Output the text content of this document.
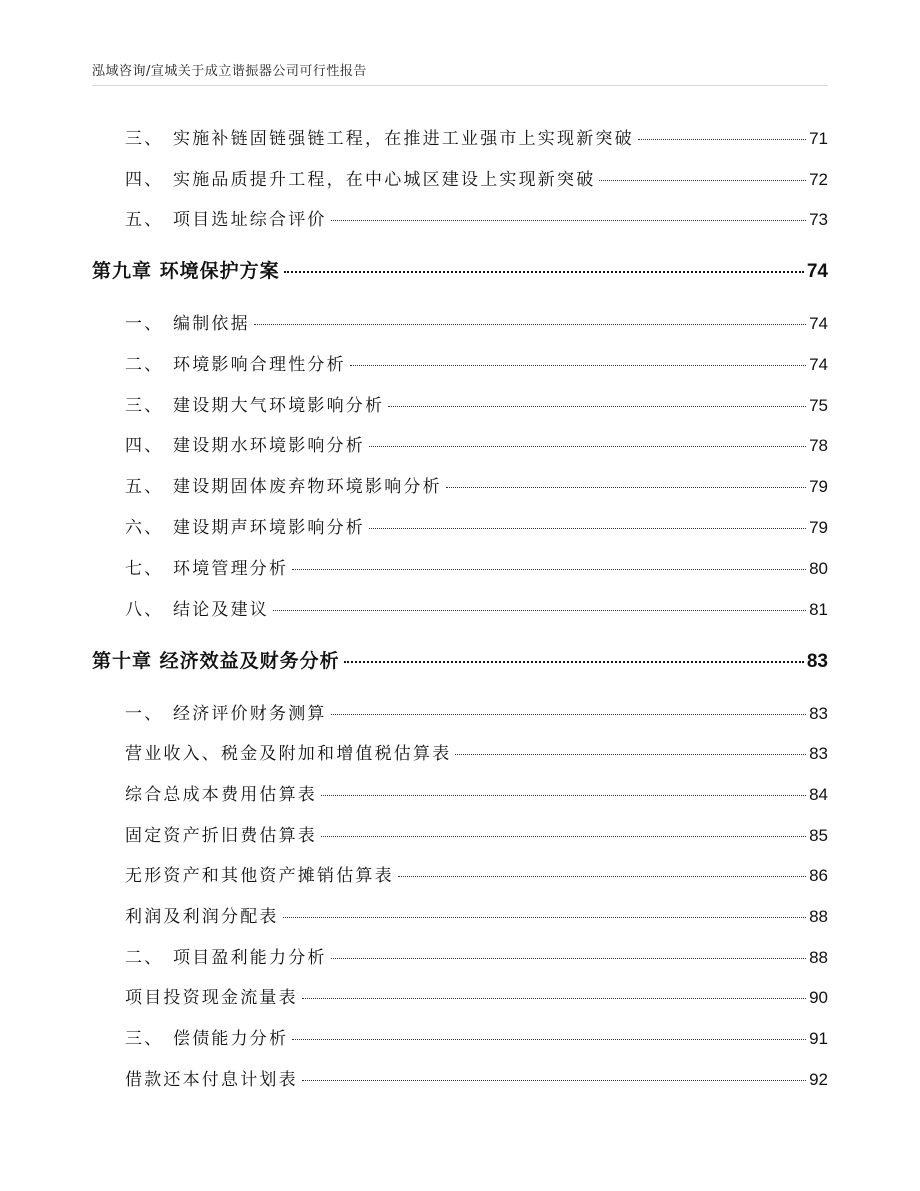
泓域咨询/宣城关于成立谐振器公司可行性报告
三、 实施补链固链强链工程，在推进工业强市上实现新突破	71
四、 实施品质提升工程，在中心城区建设上实现新突破	72
五、 项目选址综合评价	73
第九章 环境保护方案	74
一、 编制依据	74
二、 环境影响合理性分析	74
三、 建设期大气环境影响分析	75
四、 建设期水环境影响分析	78
五、 建设期固体废弃物环境影响分析	79
六、 建设期声环境影响分析	79
七、 环境管理分析	80
八、 结论及建议	81
第十章 经济效益及财务分析	83
一、 经济评价财务测算	83
营业收入、税金及附加和增值税估算表	83
综合总成本费用估算表	84
固定资产折旧费估算表	85
无形资产和其他资产摊销估算表	86
利润及利润分配表	88
二、 项目盈利能力分析	88
项目投资现金流量表	90
三、 偿债能力分析	91
借款还本付息计划表	92
